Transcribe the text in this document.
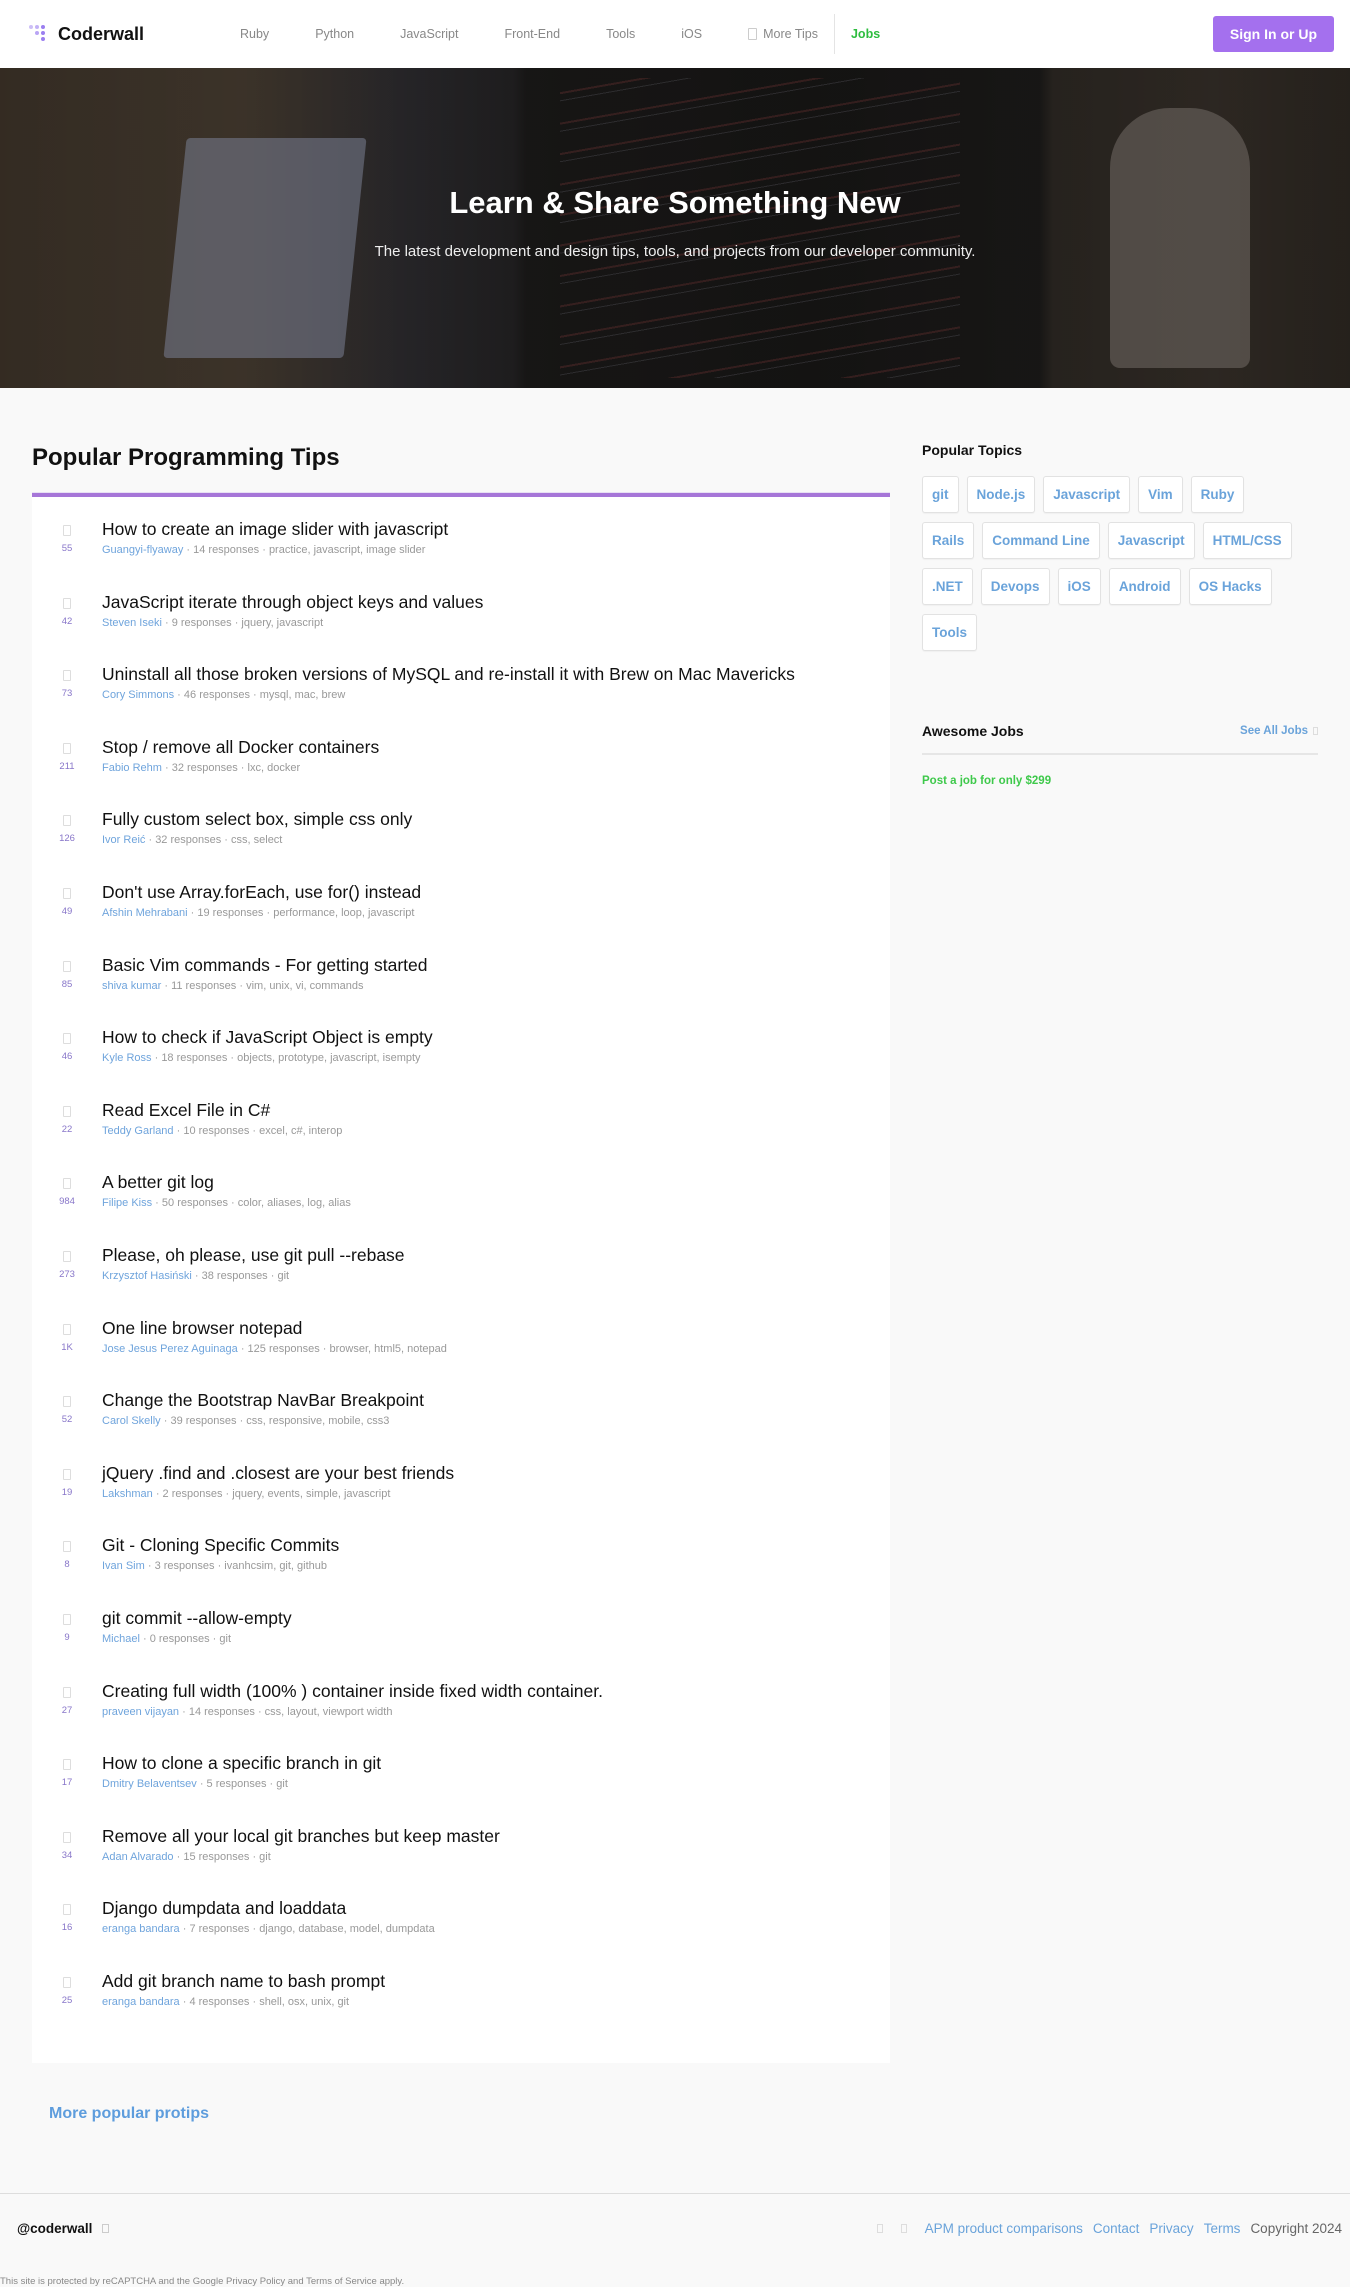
Coderwall	Ruby	Python	JavaScript	Front-End	Tools	iOS	More Tips	Jobs	Sign In or Up
Learn & Share Something New

The latest development and design tips, tools, and projects from our developer community.

Popular Programming Tips
55
How to create an image slider with javascript
Guangyi-flyaway · 14 responses · practice, javascript, image slider
42
JavaScript iterate through object keys and values
Steven Iseki · 9 responses · jquery, javascript
73
Uninstall all those broken versions of MySQL and re-install it with Brew on Mac Mavericks
Cory Simmons · 46 responses · mysql, mac, brew
211
Stop / remove all Docker containers
Fabio Rehm · 32 responses · lxc, docker
126
Fully custom select box, simple css only
Ivor Reić · 32 responses · css, select
49
Don't use Array.forEach, use for() instead
Afshin Mehrabani · 19 responses · performance, loop, javascript
85
Basic Vim commands - For getting started
shiva kumar · 11 responses · vim, unix, vi, commands
46
How to check if JavaScript Object is empty
Kyle Ross · 18 responses · objects, prototype, javascript, isempty
22
Read Excel File in C#
Teddy Garland · 10 responses · excel, c#, interop
984
A better git log
Filipe Kiss · 50 responses · color, aliases, log, alias
273
Please, oh please, use git pull --rebase
Krzysztof Hasiński · 38 responses · git
1K
One line browser notepad
Jose Jesus Perez Aguinaga · 125 responses · browser, html5, notepad
52
Change the Bootstrap NavBar Breakpoint
Carol Skelly · 39 responses · css, responsive, mobile, css3
19
jQuery .find and .closest are your best friends
Lakshman · 2 responses · jquery, events, simple, javascript
8
Git - Cloning Specific Commits
Ivan Sim · 3 responses · ivanhcsim, git, github
9
git commit --allow-empty
Michael · 0 responses · git
27
Creating full width (100% ) container inside fixed width container.
praveen vijayan · 14 responses · css, layout, viewport width
17
How to clone a specific branch in git
Dmitry Belaventsev · 5 responses · git
34
Remove all your local git branches but keep master
Adan Alvarado · 15 responses · git
16
Django dumpdata and loaddata
eranga bandara · 7 responses · django, database, model, dumpdata
25
Add git branch name to bash prompt
eranga bandara · 4 responses · shell, osx, unix, git
More popular protips
Popular Topics
git	Node.js	Javascript	Vim	Ruby
Rails	Command Line	Javascript	HTML/CSS
.NET	Devops	iOS	Android	OS Hacks
Tools
Awesome Jobs	See All Jobs
Post a job for only $299
@coderwall	APM product comparisons Contact Privacy Terms Copyright 2024

This site is protected by reCAPTCHA and the Google Privacy Policy and Terms of Service apply.
